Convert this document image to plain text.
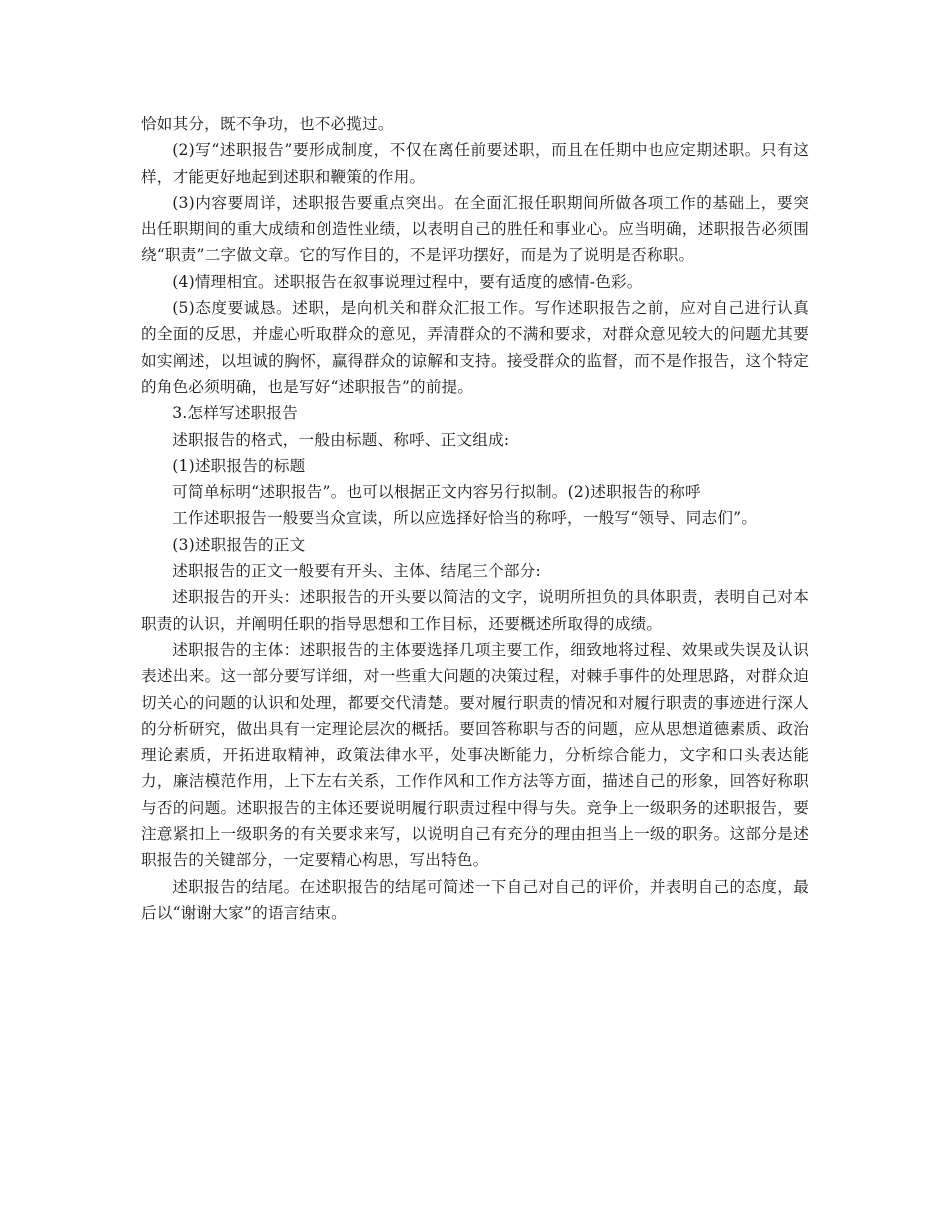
恰如其分，既不争功，也不必揽过。

(2)写“述职报告”要形成制度，不仅在离任前要述职，而且在任期中也应定期述职。只有这样，才能更好地起到述职和鞭策的作用。

(3)内容要周详，述职报告要重点突出。在全面汇报任职期间所做各项工作的基础上，要突出任职期间的重大成绩和创造性业绩，以表明自己的胜任和事业心。应当明确，述职报告必须围绕“职责”二字做文章。它的写作目的，不是评功摆好，而是为了说明是否称职。

(4)情理相宜。述职报告在叙事说理过程中，要有适度的感情-色彩。

(5)态度要诚恳。述职，是向机关和群众汇报工作。写作述职报告之前，应对自己进行认真的全面的反思，并虚心听取群众的意见，弄清群众的不满和要求，对群众意见较大的问题尤其要如实阐述，以坦诚的胸怀，赢得群众的谅解和支持。接受群众的监督，而不是作报告，这个特定的角色必须明确，也是写好“述职报告”的前提。

3.怎样写述职报告

述职报告的格式，一般由标题、称呼、正文组成:

(1)述职报告的标题

可简单标明“述职报告”。也可以根据正文内容另行拟制。(2)述职报告的称呼

工作述职报告一般要当众宣读，所以应选择好恰当的称呼，一般写“领导、同志们”。

(3)述职报告的正文

述职报告的正文一般要有开头、主体、结尾三个部分:

述职报告的开头：述职报告的开头要以简洁的文字，说明所担负的具体职责，表明自己对本职责的认识，并阐明任职的指导思想和工作目标，还要概述所取得的成绩。

述职报告的主体：述职报告的主体要选择几项主要工作，细致地将过程、效果或失误及认识表述出来。这一部分要写详细，对一些重大问题的决策过程，对棘手事件的处理思路，对群众迫切关心的问题的认识和处理，都要交代清楚。要对履行职责的情况和对履行职责的事迹进行深人的分析研究，做出具有一定理论层次的概括。要回答称职与否的问题，应从思想道德素质、政治理论素质，开拓进取精神，政策法律水平，处事决断能力，分析综合能力，文字和口头表达能力，廉洁模范作用，上下左右关系，工作作风和工作方法等方面，描述自己的形象，回答好称职与否的问题。述职报告的主体还要说明履行职责过程中得与失。竞争上一级职务的述职报告，要注意紧扣上一级职务的有关要求来写，以说明自己有充分的理由担当上一级的职务。这部分是述职报告的关键部分，一定要精心构思，写出特色。

述职报告的结尾。在述职报告的结尾可简述一下自己对自己的评价，并表明自己的态度，最后以“谢谢大家”的语言结束。
